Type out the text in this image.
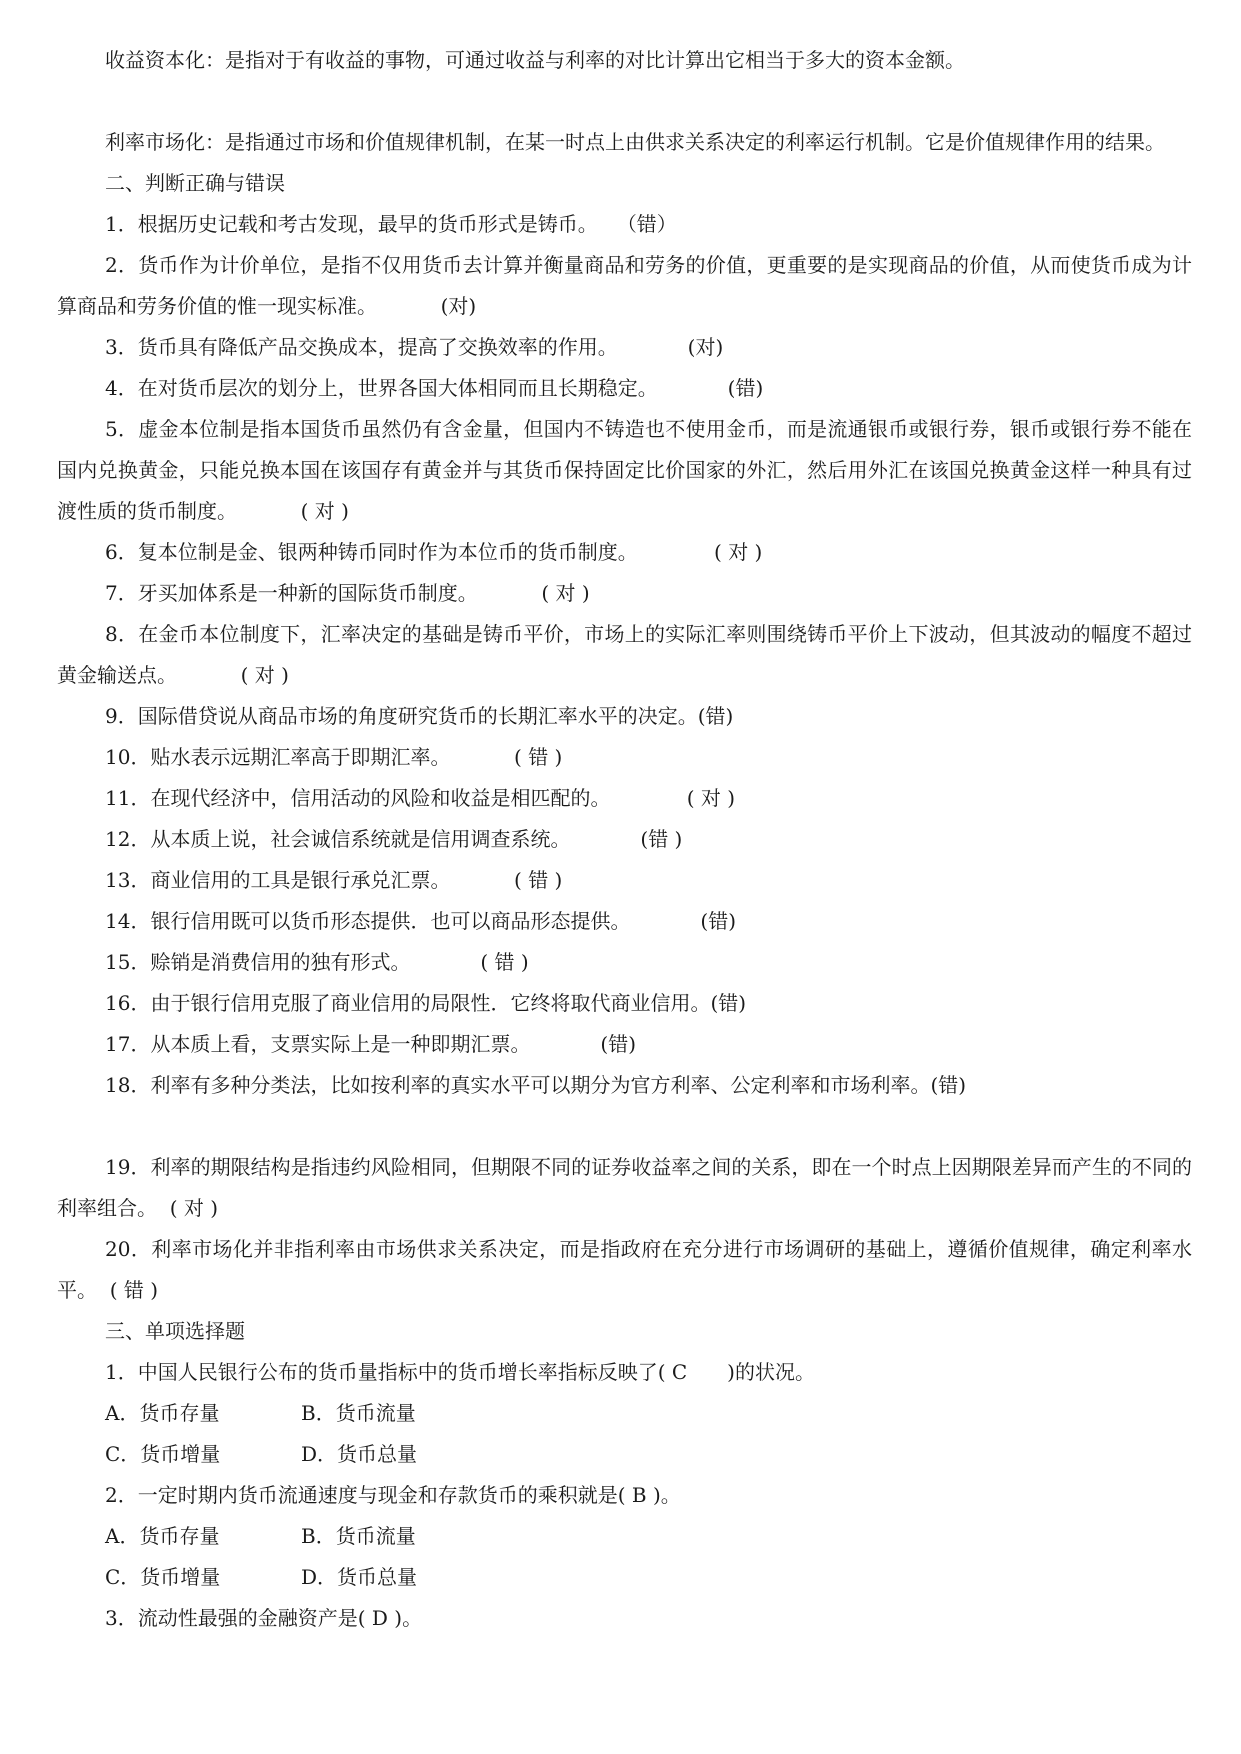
收益资本化：是指对于有收益的事物，可通过收益与利率的对比计算出它相当于多大的资本金额。

利率市场化：是指通过市场和价值规律机制，在某一时点上由供求关系决定的利率运行机制。它是价值规律作用的结果。

二、判断正确与错误

1．根据历史记载和考古发现，最早的货币形式是铸币。 （错）

2．货币作为计价单位，是指不仅用货币去计算并衡量商品和劳务的价值，更重要的是实现商品的价值，从而使货币成为计算商品和劳务价值的惟一现实标准。	(对)

3．货币具有降低产品交换成本，提高了交换效率的作用。	(对)

4．在对货币层次的划分上，世界各国大体相同而且长期稳定。	(错)

5．虚金本位制是指本国货币虽然仍有含金量，但国内不铸造也不使用金币，而是流通银币或银行券，银币或银行券不能在国内兑换黄金，只能兑换本国在该国存有黄金并与其货币保持固定比价国家的外汇，然后用外汇在该国兑换黄金这样一种具有过渡性质的货币制度。	( 对 )

6．复本位制是金、银两种铸币同时作为本位币的货币制度。	( 对 )

7．牙买加体系是一种新的国际货币制度。	( 对 )

8．在金币本位制度下，汇率决定的基础是铸币平价，市场上的实际汇率则围绕铸币平价上下波动，但其波动的幅度不超过黄金输送点。	( 对 )

9．国际借贷说从商品市场的角度研究货币的长期汇率水平的决定。(错)

10．贴水表示远期汇率高于即期汇率。	( 错 )

11．在现代经济中，信用活动的风险和收益是相匹配的。	( 对 )

12．从本质上说，社会诚信系统就是信用调查系统。	(错 )

13．商业信用的工具是银行承兑汇票。	( 错 )

14．银行信用既可以货币形态提供．也可以商品形态提供。	(错)

15．赊销是消费信用的独有形式。	( 错 )

16．由于银行信用克服了商业信用的局限性．它终将取代商业信用。(错)

17．从本质上看，支票实际上是一种即期汇票。	(错)

18．利率有多种分类法，比如按利率的真实水平可以期分为官方利率、公定利率和市场利率。(错)

19．利率的期限结构是指违约风险相同，但期限不同的证券收益率之间的关系，即在一个时点上因期限差异而产生的不同的利率组合。 ( 对 )

20．利率市场化并非指利率由市场供求关系决定，而是指政府在充分进行市场调研的基础上，遵循价值规律，确定利率水平。 ( 错 )

三、单项选择题

1．中国人民银行公布的货币量指标中的货币增长率指标反映了( C　　)的状况。

A．货币存量	B．货币流量
C．货币增量	D．货币总量

2．一定时期内货币流通速度与现金和存款货币的乘积就是( B )。

A．货币存量	B．货币流量
C．货币增量	D．货币总量

3．流动性最强的金融资产是( D )。
